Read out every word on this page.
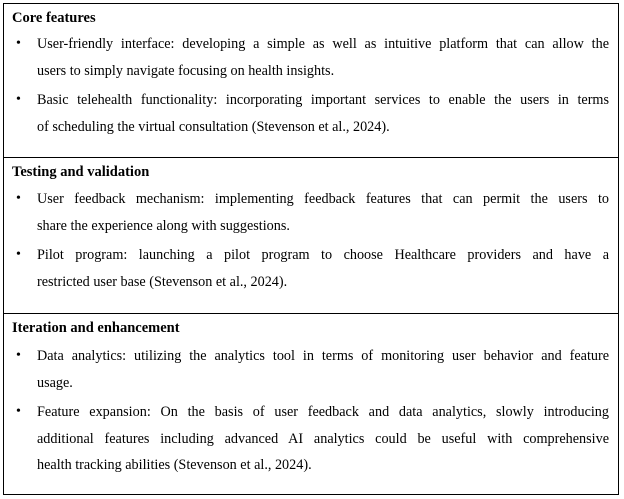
Core features
•	User-friendly interface: developing a simple as well as intuitive platform that can allow the
users to simply navigate focusing on health insights.
•	Basic telehealth functionality: incorporating important services to enable the users in terms
of scheduling the virtual consultation (Stevenson et al., 2024).
Testing and validation
•	User feedback mechanism: implementing feedback features that can permit the users to
share the experience along with suggestions.
•	Pilot program: launching a pilot program to choose Healthcare providers and have a
restricted user base (Stevenson et al., 2024).
Iteration and enhancement
•	Data analytics: utilizing the analytics tool in terms of monitoring user behavior and feature
usage.
•	Feature expansion: On the basis of user feedback and data analytics, slowly introducing
additional features including advanced AI analytics could be useful with comprehensive
health tracking abilities (Stevenson et al., 2024).
